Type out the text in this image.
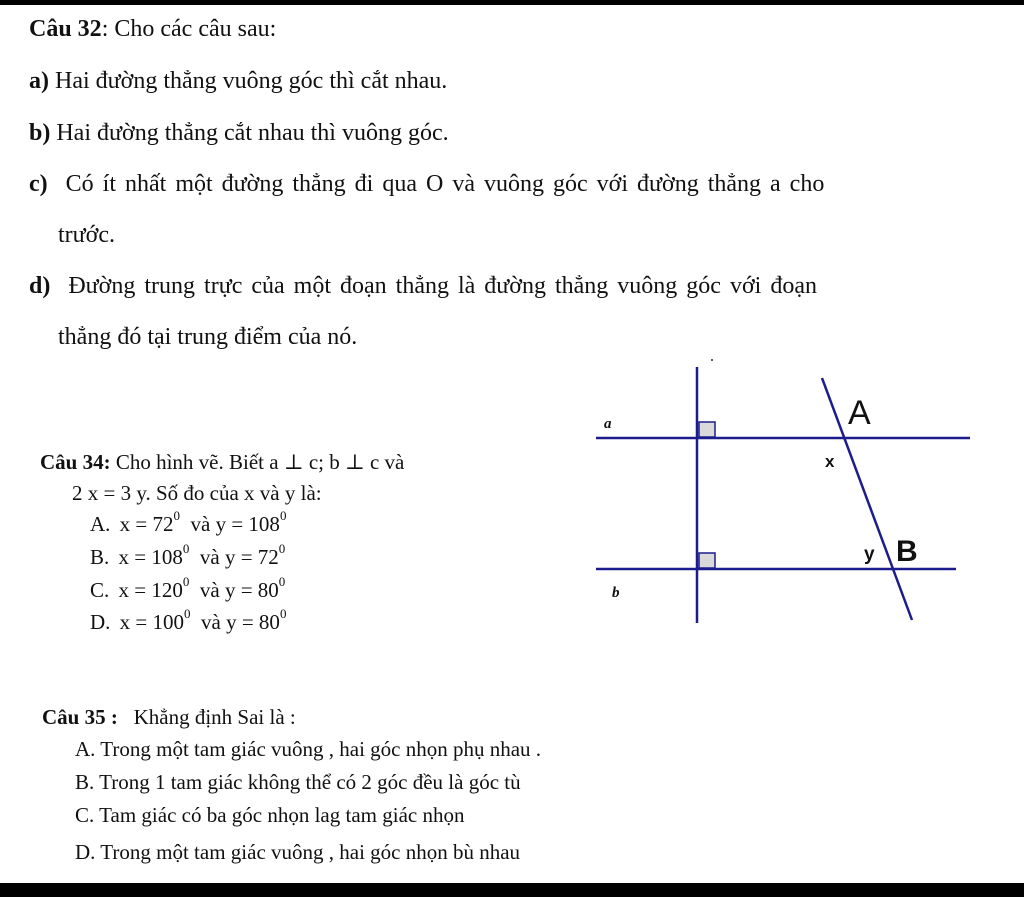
Câu 32: Cho các câu sau:
a) Hai đường thẳng vuông góc thì cắt nhau.
b) Hai đường thẳng cắt nhau thì vuông góc.
c) Có ít nhất một đường thẳng đi qua O và vuông góc với đường thẳng a cho
trước.
d) Đường trung trực của một đoạn thẳng là đường thẳng vuông góc với đoạn
thẳng đó tại trung điểm của nó.
Câu 34: Cho hình vẽ. Biết a ⊥ c; b ⊥ c và
2 x = 3 y. Số đo của x và y là:
A. $x = 72^0$ và $y = 108^0$
B. $x = 108^0$ và $y = 72^0$
C. $x = 120^0$ và $y = 80^0$
D. $x = 100^0$ và $y = 80^0$
a
b
A
B
x
y
Câu 35 : Khẳng định Sai là :
A. Trong một tam giác vuông , hai góc nhọn phụ nhau .
B. Trong 1 tam giác không thể có 2 góc đều là góc tù
C. Tam giác có ba góc nhọn lag tam giác nhọn
D. Trong một tam giác vuông , hai góc nhọn bù nhau
